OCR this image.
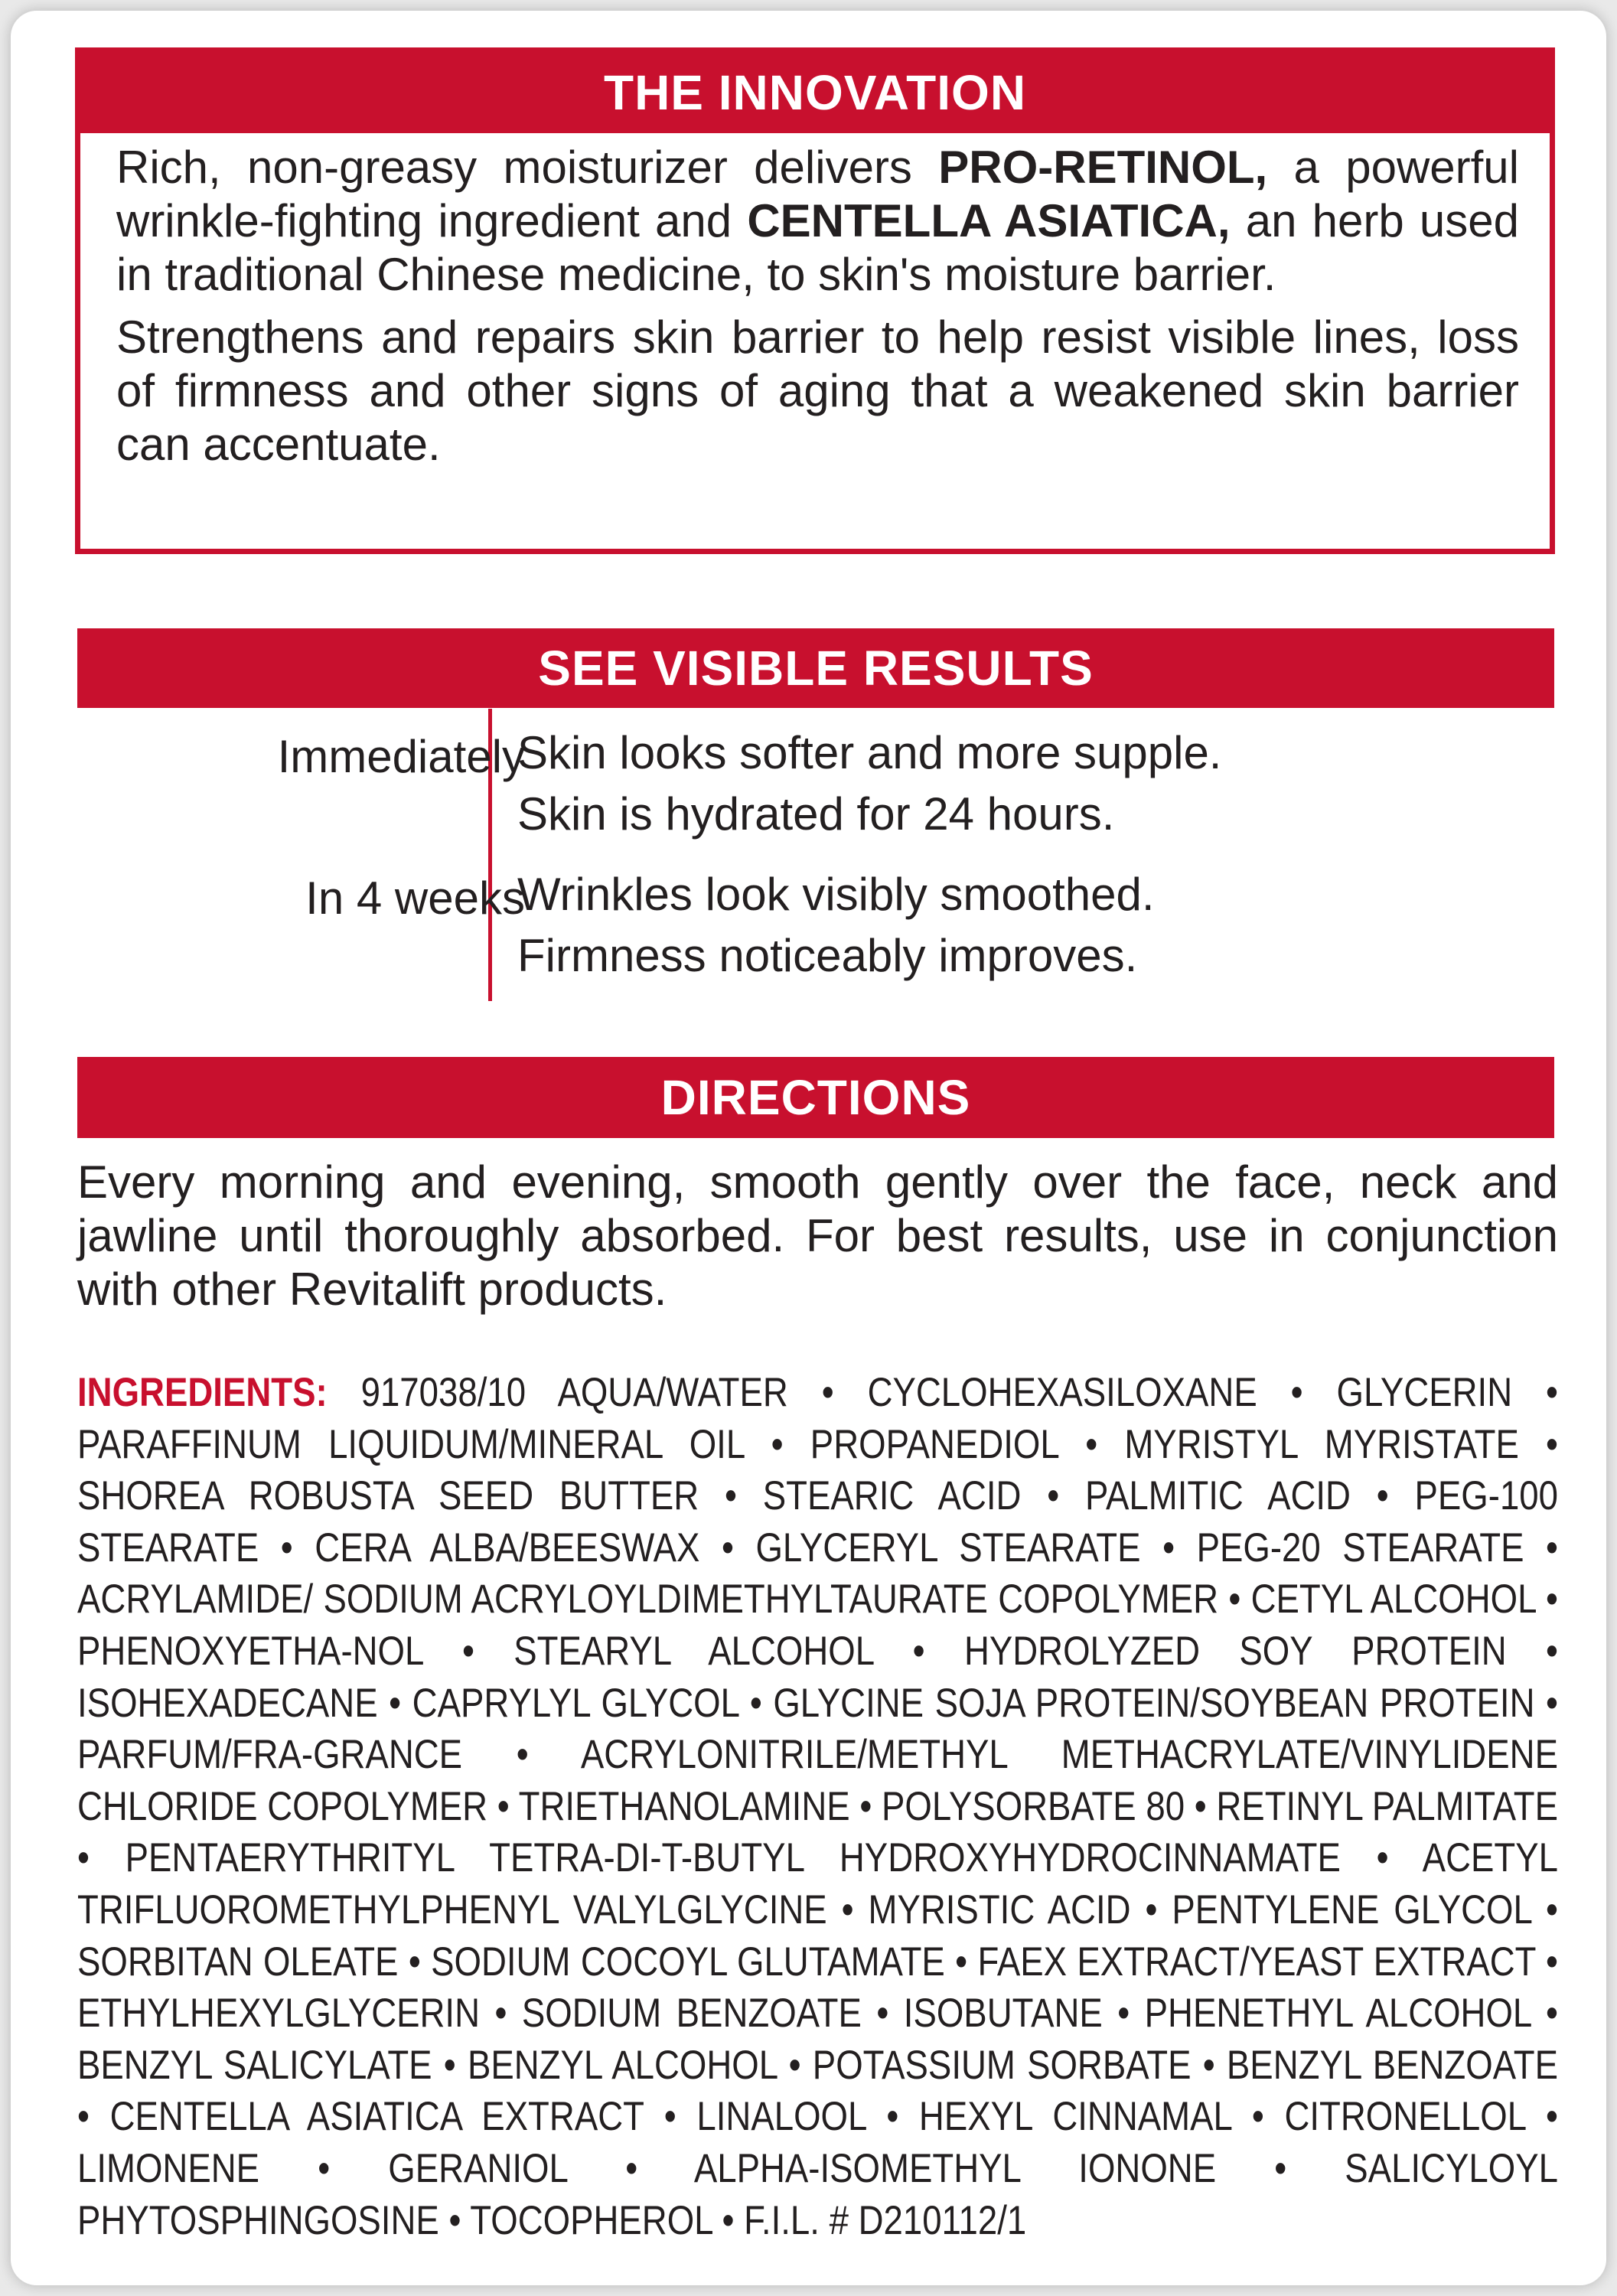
THE INNOVATION

Rich, non-greasy moisturizer delivers PRO-RETINOL, a powerful wrinkle-fighting ingredient and CENTELLA ASIATICA, an herb used in traditional Chinese medicine, to skin's moisture barrier.

Strengthens and repairs skin barrier to help resist visible lines, loss of firmness and other signs of aging that a weakened skin barrier can accentuate.

SEE VISIBLE RESULTS
Immediately
Skin looks softer and more supple.
Skin is hydrated for 24 hours.
In 4 weeks
Wrinkles look visibly smoothed.
Firmness noticeably improves.
DIRECTIONS

Every morning and evening, smooth gently over the face, neck and jawline until thoroughly absorbed. For best results, use in conjunction with other Revitalift products.

INGREDIENTS: 917038/10 AQUA/WATER • CYCLOHEXASILOXANE • GLYCERIN • PARAFFINUM LIQUIDUM/MINERAL OIL • PROPANEDIOL • MYRISTYL MYRISTATE • SHOREA ROBUSTA SEED BUTTER • STEARIC ACID • PALMITIC ACID • PEG-100 STEARATE • CERA ALBA/BEESWAX • GLYCERYL STEARATE • PEG-20 STEARATE • ACRYLAMIDE/ SODIUM ACRYLOYLDIMETHYLTAURATE COPOLYMER • CETYL ALCOHOL • PHENOXYETHA-NOL • STEARYL ALCOHOL • HYDROLYZED SOY PROTEIN • ISOHEXADECANE • CAPRYLYL GLYCOL • GLYCINE SOJA PROTEIN/SOYBEAN PROTEIN • PARFUM/FRA-GRANCE • ACRYLONITRILE/METHYL METHACRYLATE/VINYLIDENE CHLORIDE COPOLYMER • TRIETHANOLAMINE • POLYSORBATE 80 • RETINYL PALMITATE • PENTAERYTHRITYL TETRA-DI-T-BUTYL HYDROXYHYDROCINNAMATE • ACETYL TRIFLUOROMETHYLPHENYL VALYLGLYCINE • MYRISTIC ACID • PENTYLENE GLYCOL • SORBITAN OLEATE • SODIUM COCOYL GLUTAMATE • FAEX EXTRACT/YEAST EXTRACT • ETHYLHEXYLGLYCERIN • SODIUM BENZOATE • ISOBUTANE • PHENETHYL ALCOHOL • BENZYL SALICYLATE • BENZYL ALCOHOL • POTASSIUM SORBATE • BENZYL BENZOATE • CENTELLA ASIATICA EXTRACT • LINALOOL • HEXYL CINNAMAL • CITRONELLOL • LIMONENE • GERANIOL • ALPHA-ISOMETHYL IONONE • SALICYLOYL PHYTOSPHINGOSINE • TOCOPHEROL • F.I.L. # D210112/1
